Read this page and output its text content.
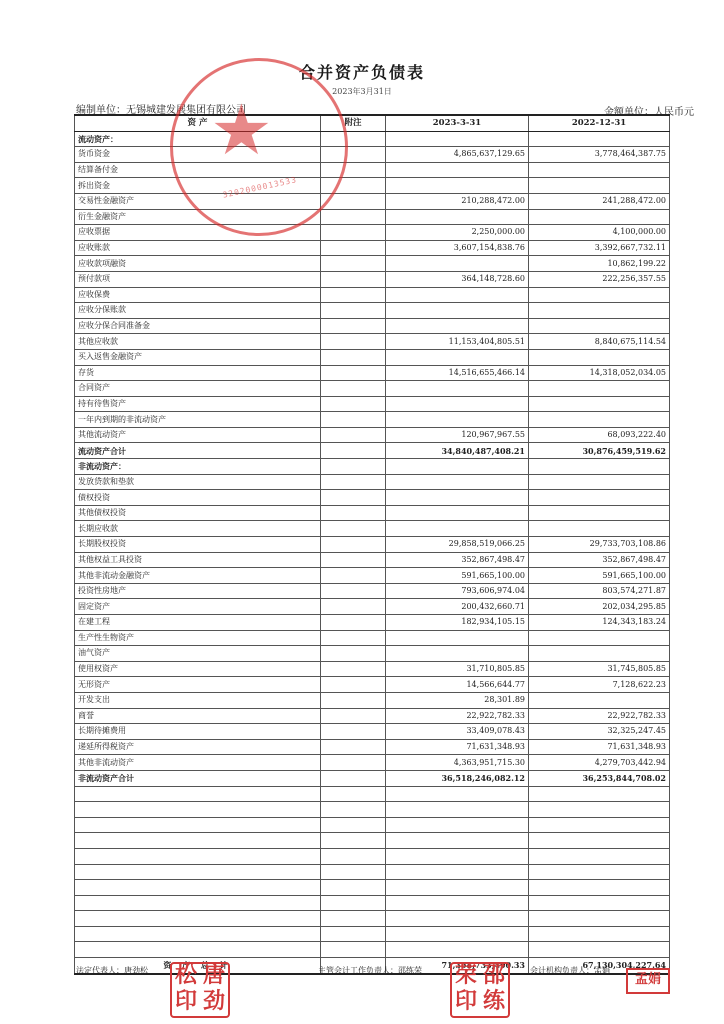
合并资产负债表
2023年3月31日
编制单位：无锡城建发展集团有限公司	金额单位：人民币元
资 产	附注	2023-3-31	2022-12-31
流动资产：			
货币资金		4,865,637,129.65	3,778,464,387.75
结算备付金			
拆出资金			
交易性金融资产		210,288,472.00	241,288,472.00
衍生金融资产			
应收票据		2,250,000.00	4,100,000.00
应收账款		3,607,154,838.76	3,392,667,732.11
应收款项融资			10,862,199.22
预付款项		364,148,728.60	222,256,357.55
应收保费			
应收分保账款			
应收分保合同准备金			
其他应收款		11,153,404,805.51	8,840,675,114.54
买入返售金融资产			
存货		14,516,655,466.14	14,318,052,034.05
合同资产			
持有待售资产			
一年内到期的非流动资产			
其他流动资产		120,967,967.55	68,093,222.40
流动资产合计		34,840,487,408.21	30,876,459,519.62
非流动资产：			
发放贷款和垫款			
债权投资			
其他债权投资			
长期应收款			
长期股权投资		29,858,519,066.25	29,733,703,108.86
其他权益工具投资		352,867,498.47	352,867,498.47
其他非流动金融资产		591,665,100.00	591,665,100.00
投资性房地产		793,606,974.04	803,574,271.87
固定资产		200,432,660.71	202,034,295.85
在建工程		182,934,105.15	124,343,183.24
生产性生物资产			
油气资产			
使用权资产		31,710,805.85	31,745,805.85
无形资产		14,566,644.77	7,128,622.23
开发支出		28,301.89	
商誉		22,922,782.33	22,922,782.33
长期待摊费用		33,409,078.43	32,325,247.45
递延所得税资产		71,631,348.93	71,631,348.93
其他非流动资产		4,363,951,715.30	4,279,703,442.94
非流动资产合计		36,518,246,082.12	36,253,844,708.02

资 产 总 计		71,358,733,490.33	67,130,304,227.64
★
3202000013533
法定代表人：唐劲松	主管会计工作负责人：邵练荣	会计机构负责人：孟娟
松 唐
印 劲
荣 邵
印 练
孟娟
